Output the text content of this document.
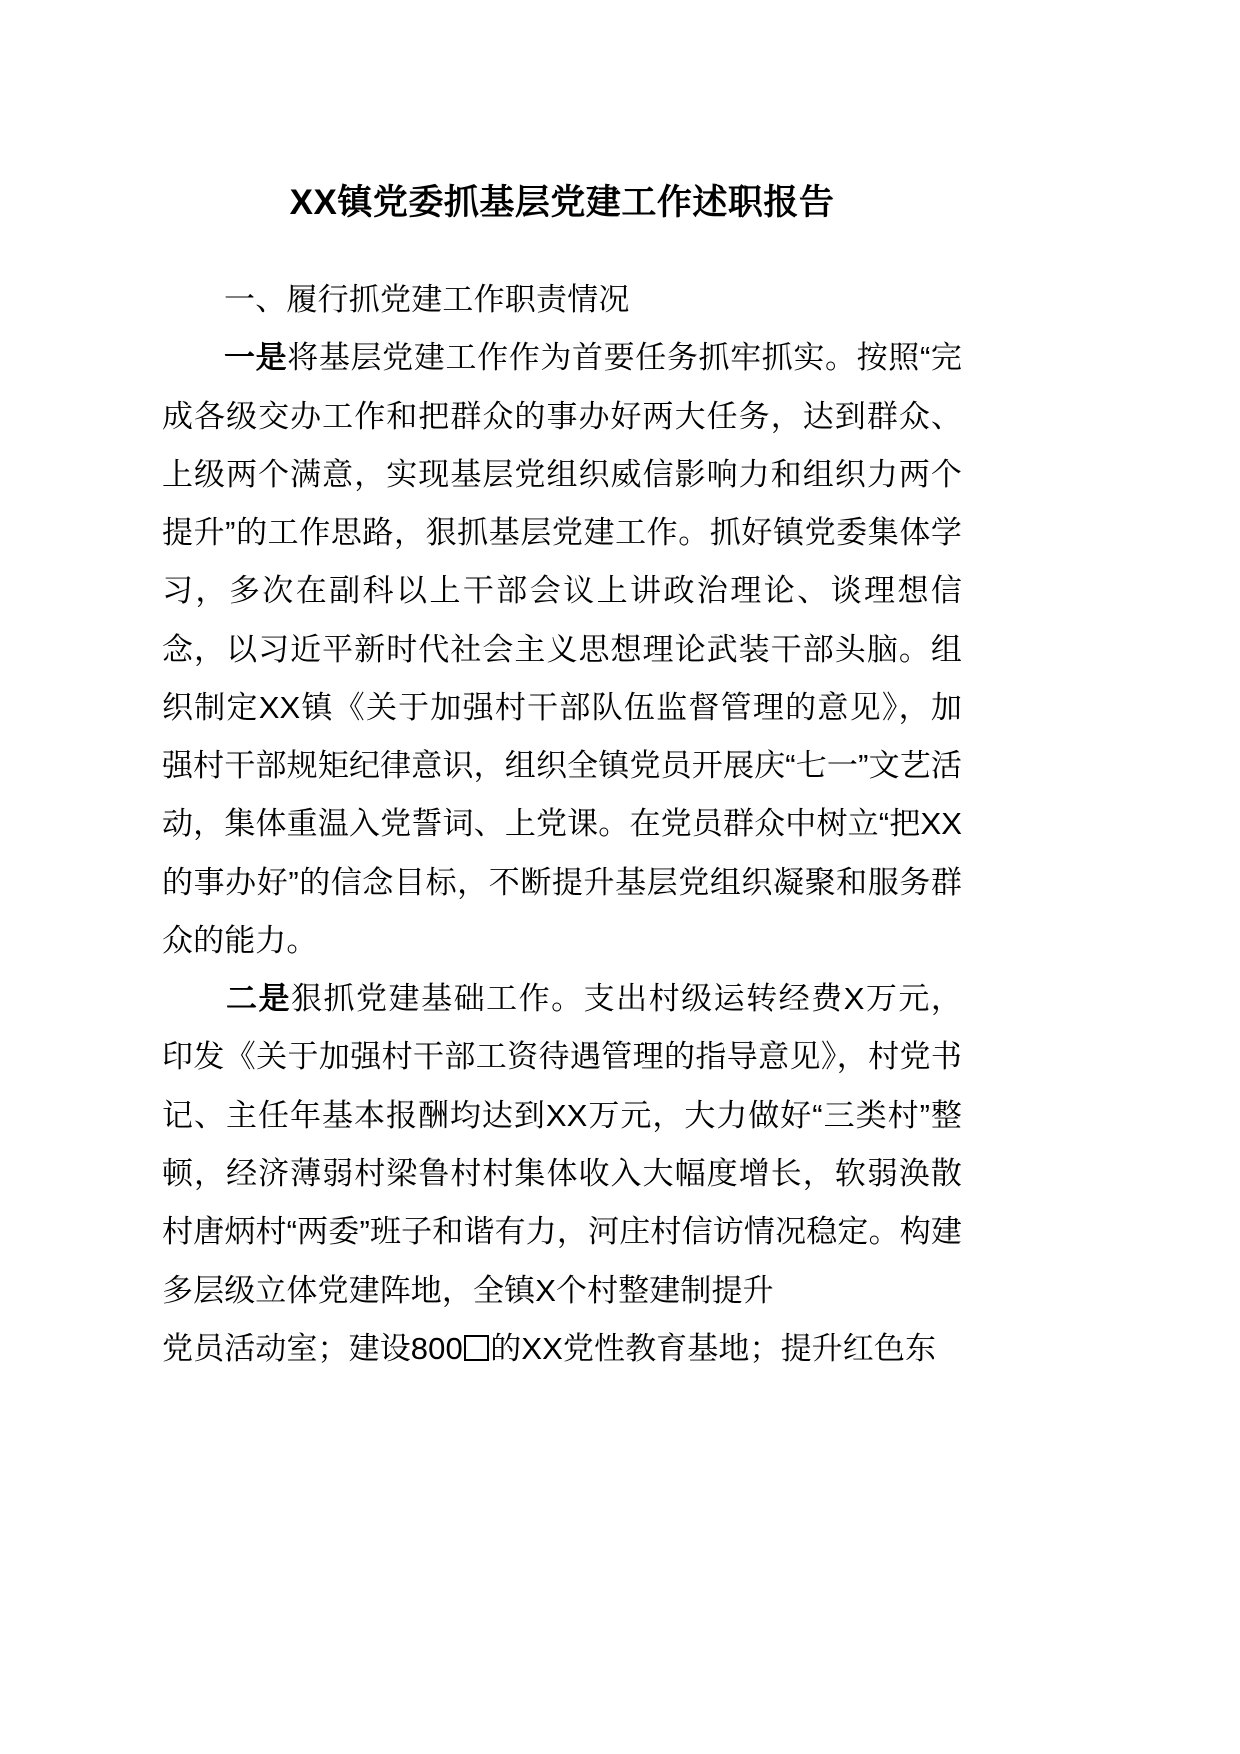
XX镇党委抓基层党建工作述职报告

一、履行抓党建工作职责情况

一是将基层党建工作作为首要任务抓牢抓实。按照“完成各级交办工作和把群众的事办好两大任务，达到群众、上级两个满意，实现基层党组织威信影响力和组织力两个提升”的工作思路，狠抓基层党建工作。抓好镇党委集体学习，多次在副科以上干部会议上讲政治理论、谈理想信念，以习近平新时代社会主义思想理论武装干部头脑。组织制定XX镇《关于加强村干部队伍监督管理的意见》，加强村干部规矩纪律意识，组织全镇党员开展庆“七一”文艺活动，集体重温入党誓词、上党课。在党员群众中树立“把XX的事办好”的信念目标，不断提升基层党组织凝聚和服务群众的能力。

二是狠抓党建基础工作。支出村级运转经费X万元，印发《关于加强村干部工资待遇管理的指导意见》，村党书记、主任年基本报酬均达到XX万元，大力做好“三类村”整顿，经济薄弱村梁鲁村村集体收入大幅度增长，软弱涣散村唐炳村“两委”班子和谐有力，河庄村信访情况稳定。构建多层级立体党建阵地，全镇X个村整建制提升

党员活动室；建设800 的XX党性教育基地；提升红色东
